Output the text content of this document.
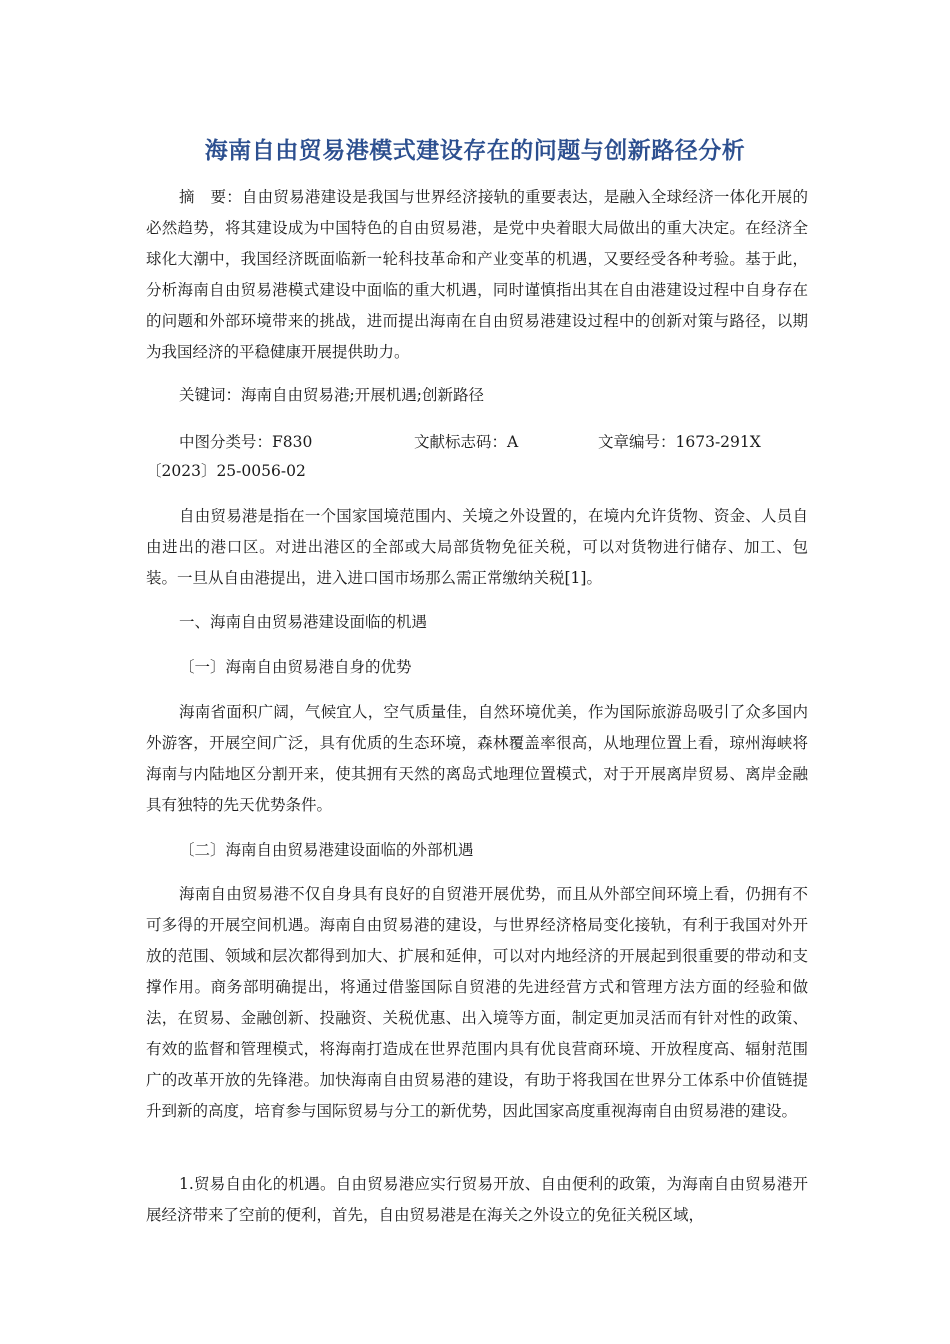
海南自由贸易港模式建设存在的问题与创新路径分析

摘　要：自由贸易港建设是我国与世界经济接轨的重要表达，是融入全球经济一体化开展的必然趋势，将其建设成为中国特色的自由贸易港，是党中央着眼大局做出的重大决定。在经济全球化大潮中，我国经济既面临新一轮科技革命和产业变革的机遇，又要经受各种考验。基于此，分析海南自由贸易港模式建设中面临的重大机遇，同时谨慎指出其在自由港建设过程中自身存在的问题和外部环境带来的挑战，进而提出海南在自由贸易港建设过程中的创新对策与路径，以期为我国经济的平稳健康开展提供助力。

关键词：海南自由贸易港;开展机遇;创新路径

中图分类号：F830	文献标志码：A	文章编号：1673-291X

〔2023〕25-0056-02

自由贸易港是指在一个国家国境范围内、关境之外设置的，在境内允许货物、资金、人员自由进出的港口区。对进出港区的全部或大局部货物免征关税，可以对货物进行储存、加工、包装。一旦从自由港提出，进入进口国市场那么需正常缴纳关税[1]。

一、海南自由贸易港建设面临的机遇

〔一〕海南自由贸易港自身的优势

海南省面积广阔，气候宜人，空气质量佳，自然环境优美，作为国际旅游岛吸引了众多国内外游客，开展空间广泛，具有优质的生态环境，森林覆盖率很高，从地理位置上看，琼州海峡将海南与内陆地区分割开来，使其拥有天然的离岛式地理位置模式，对于开展离岸贸易、离岸金融具有独特的先天优势条件。

〔二〕海南自由贸易港建设面临的外部机遇

海南自由贸易港不仅自身具有良好的自贸港开展优势，而且从外部空间环境上看，仍拥有不可多得的开展空间机遇。海南自由贸易港的建设，与世界经济格局变化接轨，有利于我国对外开放的范围、领域和层次都得到加大、扩展和延伸，可以对内地经济的开展起到很重要的带动和支撑作用。商务部明确提出，将通过借鉴国际自贸港的先进经营方式和管理方法方面的经验和做法，在贸易、金融创新、投融资、关税优惠、出入境等方面，制定更加灵活而有针对性的政策、有效的监督和管理模式，将海南打造成在世界范围内具有优良营商环境、开放程度高、辐射范围广的改革开放的先锋港。加快海南自由贸易港的建设，有助于将我国在世界分工体系中价值链提升到新的高度，培育参与国际贸易与分工的新优势，因此国家高度重视海南自由贸易港的建设。

1.贸易自由化的机遇。自由贸易港应实行贸易开放、自由便利的政策，为海南自由贸易港开展经济带来了空前的便利，首先，自由贸易港是在海关之外设立的免征关税区域，
